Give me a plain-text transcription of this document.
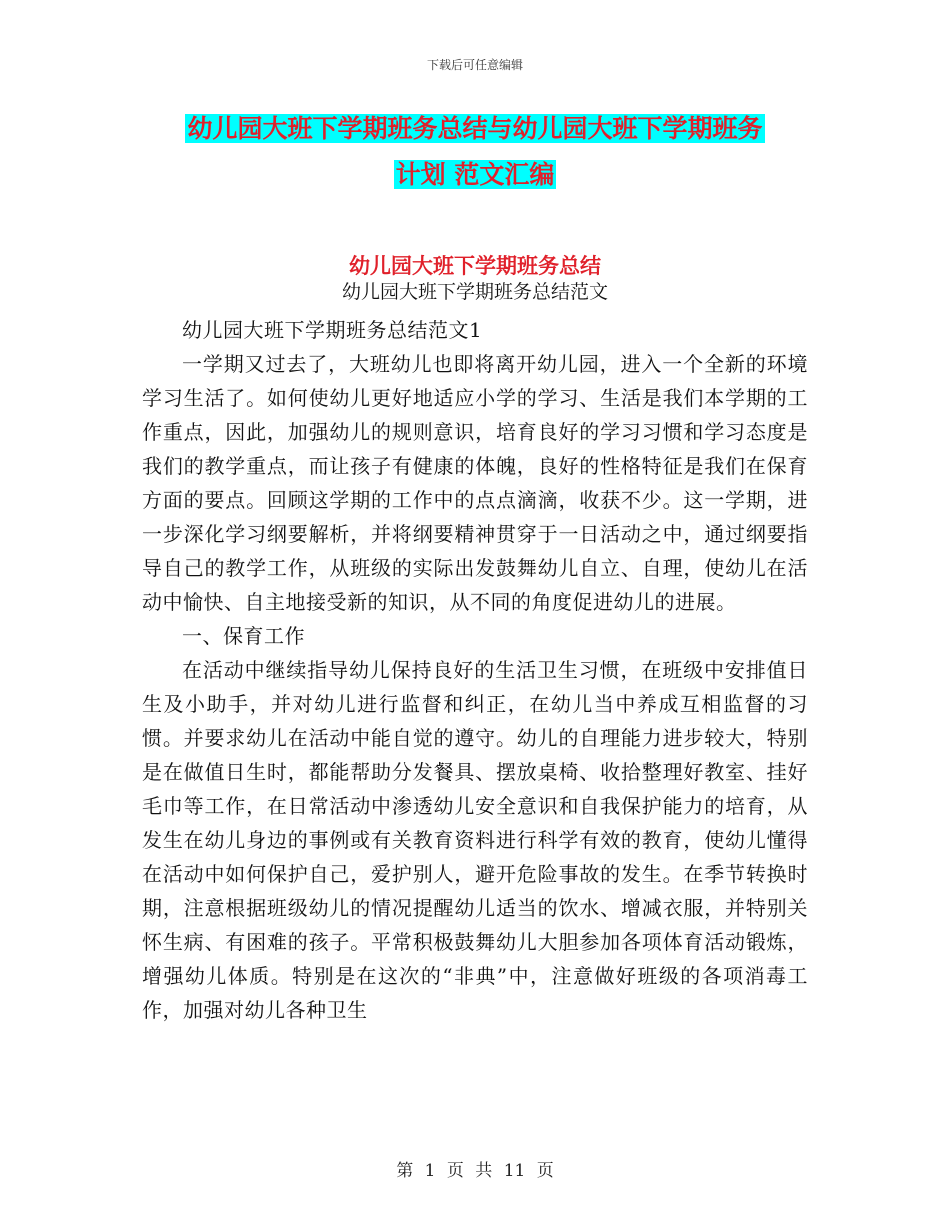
下载后可任意编辑
幼儿园大班下学期班务总结与幼儿园大班下学期班务
计划 范文汇编
幼儿园大班下学期班务总结
幼儿园大班下学期班务总结范文

幼儿园大班下学期班务总结范文1

一学期又过去了，大班幼儿也即将离开幼儿园，进入一个全新的环境学习生活了。如何使幼儿更好地适应小学的学习、生活是我们本学期的工作重点，因此，加强幼儿的规则意识，培育良好的学习习惯和学习态度是我们的教学重点，而让孩子有健康的体魄，良好的性格特征是我们在保育方面的要点。回顾这学期的工作中的点点滴滴，收获不少。这一学期，进一步深化学习纲要解析，并将纲要精神贯穿于一日活动之中，通过纲要指导自己的教学工作，从班级的实际出发鼓舞幼儿自立、自理，使幼儿在活动中愉快、自主地接受新的知识，从不同的角度促进幼儿的进展。

一、保育工作

在活动中继续指导幼儿保持良好的生活卫生习惯，在班级中安排值日生及小助手，并对幼儿进行监督和纠正，在幼儿当中养成互相监督的习惯。并要求幼儿在活动中能自觉的遵守。幼儿的自理能力进步较大，特别是在做值日生时，都能帮助分发餐具、摆放桌椅、收拾整理好教室、挂好毛巾等工作，在日常活动中渗透幼儿安全意识和自我保护能力的培育，从发生在幼儿身边的事例或有关教育资料进行科学有效的教育，使幼儿懂得在活动中如何保护自己，爱护别人，避开危险事故的发生。在季节转换时期，注意根据班级幼儿的情况提醒幼儿适当的饮水、增减衣服，并特别关怀生病、有困难的孩子。平常积极鼓舞幼儿大胆参加各项体育活动锻炼，增强幼儿体质。特别是在这次的“非典”中，注意做好班级的各项消毒工作，加强对幼儿各种卫生

第 1 页 共 11 页
